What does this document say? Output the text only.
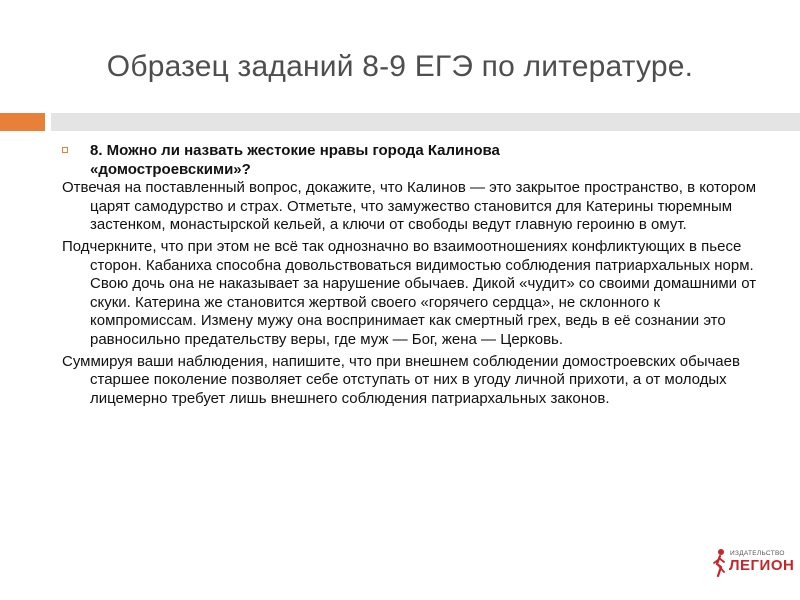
Образец заданий 8-9 ЕГЭ по литературе.
8. Можно ли назвать жестокие нравы города Калинова
«домостроевскими»?
Отвечая на поставленный вопрос, докажите, что Калинов — это закрытое пространство, в котором царят самодурство и страх. Отметьте, что замужество становится для Катерины тюремным застенком, монастырской кельей, а ключи от свободы ведут главную героиню в омут.
Подчеркните, что при этом не всё так однозначно во взаимоотношениях конфликтующих в пьесе сторон. Кабаниха способна довольствоваться видимостью соблюдения патриархальных норм. Свою дочь она не наказывает за нарушение обычаев. Дикой «чудит» со своими домашними от скуки. Катерина же становится жертвой своего «горячего сердца», не склонного к компромиссам. Измену мужу она воспринимает как смертный грех, ведь в её сознании это равносильно предательству веры, где муж — Бог, жена — Церковь.
Суммируя ваши наблюдения, напишите, что при внешнем соблюдении домостроевских обычаев старшее поколение позволяет себе отступать от них в угоду личной прихоти, а от молодых лицемерно требует лишь внешнего соблюдения патриархальных законов.
ИЗДАТЕЛЬСТВО
ЛЕГИОН
